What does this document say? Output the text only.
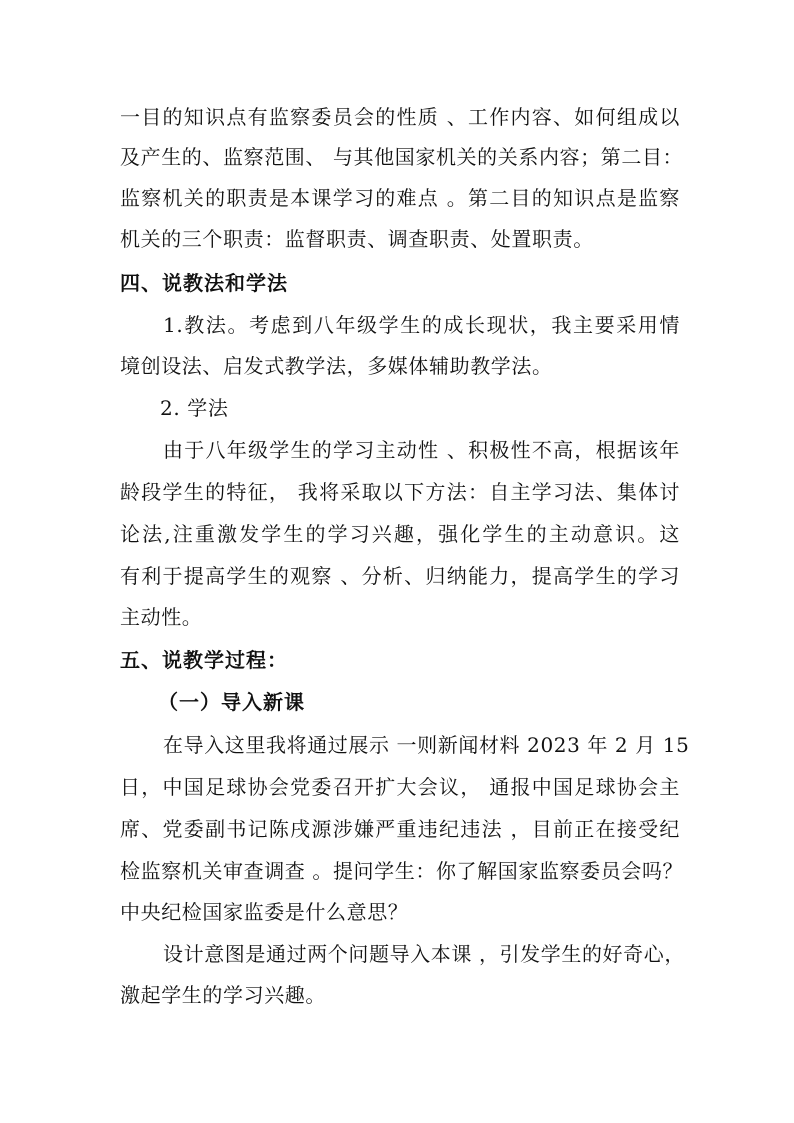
一目的知识点有监察委员会的性质 、工作内容、如何组成以
及产生的、监察范围、 与其他国家机关的关系内容；第二目：
监察机关的职责是本课学习的难点 。第二目的知识点是监察
机关的三个职责：监督职责、调查职责、处置职责。
四、说教法和学法
1.教法。考虑到八年级学生的成长现状，我主要采用情
境创设法、启发式教学法，多媒体辅助教学法。
2. 学法
由于八年级学生的学习主动性 、积极性不高，根据该年
龄段学生的特征， 我将采取以下方法：自主学习法、集体讨
论法,注重激发学生的学习兴趣，强化学生的主动意识。这
有利于提高学生的观察 、分析、归纳能力，提高学生的学习
主动性。
五、说教学过程：
（一）导入新课
在导入这里我将通过展示 一则新闻材料 2023 年 2 月 15
日，中国足球协会党委召开扩大会议， 通报中国足球协会主
席、党委副书记陈戌源涉嫌严重违纪违法 ，目前正在接受纪
检监察机关审查调查 。提问学生：你了解国家监察委员会吗？
中央纪检国家监委是什么意思？
设计意图是通过两个问题导入本课 ，引发学生的好奇心，
激起学生的学习兴趣。
